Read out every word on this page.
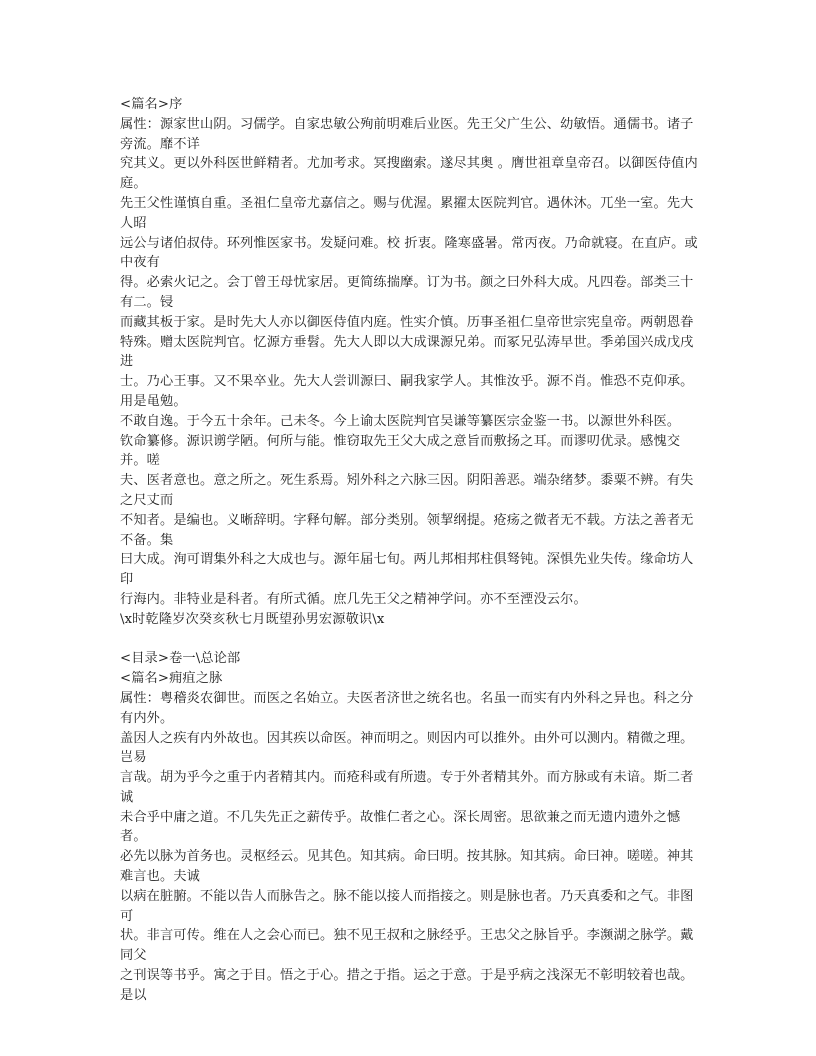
<篇名>序
属性：源家世山阴。习儒学。自家忠敏公殉前明难后业医。先王父广生公、幼敏悟。通儒书。诸子旁流。靡不详
究其义。更以外科医世鲜精者。尤加考求。冥搜幽索。遂尽其奥 。膺世祖章皇帝召。以御医侍值内庭。
先王父性谨慎自重。圣祖仁皇帝尤嘉信之。赐与优渥。累擢太医院判官。遇休沐。兀坐一室。先大人昭
远公与诸伯叔侍。环列惟医家书。发疑问难。校 折衷。隆寒盛暑。常丙夜。乃命就寝。在直庐。或中夜有
得。必索火记之。会丁曾王母忧家居。更简练揣摩。订为书。颜之曰外科大成。凡四卷。部类三十有二。锓
而藏其板于家。是时先大人亦以御医侍值内庭。性实介慎。历事圣祖仁皇帝世宗宪皇帝。两朝恩眷
特殊。赠太医院判官。忆源方垂髫。先大人即以大成课源兄弟。而冢兄弘涛早世。季弟国兴成戊戌进
士。乃心王事。又不果卒业。先大人尝训源曰、嗣我家学人。其惟汝乎。源不肖。惟恐不克仰承。用是黾勉。
不敢自逸。于今五十余年。己未冬。今上谕太医院判官吴谦等纂医宗金鉴一书。以源世外科医。
钦命纂修。源识谫学陋。何所与能。惟窃取先王父大成之意旨而敷扬之耳。而谬叨优录。感愧交并。嗟
夫、医者意也。意之所之。死生系焉。矧外科之六脉三因。阴阳善恶。端杂绪梦。黍粟不辨。有失之尺丈而
不知者。是编也。义晰辞明。字释句解。部分类别。领挈纲提。疮疡之微者无不载。方法之善者无不备。集
曰大成。洵可谓集外科之大成也与。源年届七旬。两儿邦相邦柱俱驽钝。深惧先业失传。缘命坊人印
行海内。非特业是科者。有所式循。庶几先王父之精神学问。亦不至湮没云尔。
\x时乾隆岁次癸亥秋七月既望孙男宏源敬识\x
<目录>卷一\总论部
<篇名>痈疽之脉
属性：粤稽炎农御世。而医之名始立。夫医者济世之统名也。名虽一而实有内外科之异也。科之分有内外。
盖因人之疾有内外故也。因其疾以命医。神而明之。则因内可以推外。由外可以测内。精微之理。岂易
言哉。胡为乎今之重于内者精其内。而疮科或有所遗。专于外者精其外。而方脉或有未谙。斯二者诚
未合乎中庸之道。不几失先正之薪传乎。故惟仁者之心。深长周密。思欲兼之而无遗内遗外之憾者。
必先以脉为首务也。灵枢经云。见其色。知其病。命曰明。按其脉。知其病。命曰神。嗟嗟。神其难言也。夫诚
以病在脏腑。不能以告人而脉告之。脉不能以接人而指接之。则是脉也者。乃天真委和之气。非图可
状。非言可传。维在人之会心而已。独不见王叔和之脉经乎。王忠父之脉旨乎。李濒湖之脉学。戴同父
之刊误等书乎。寓之于目。悟之于心。措之于指。运之于意。于是乎病之浅深无不彰明较着也哉。是以
